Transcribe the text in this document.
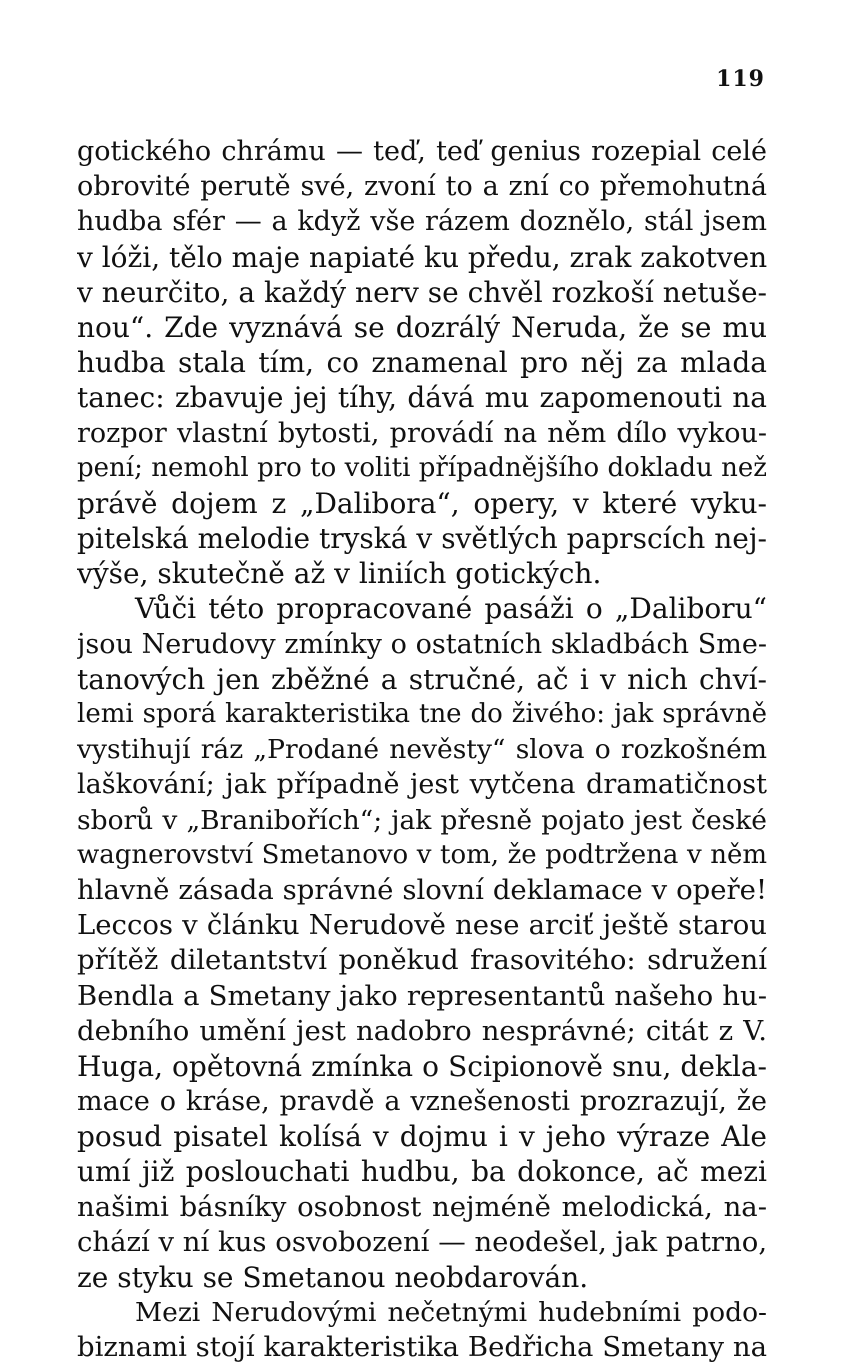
119
gotického chrámu — teď, teď genius rozepial celé
obrovité perutě své, zvoní to a zní co přemohutná
hudba sfér — a když vše rázem doznělo, stál jsem
v lóži, tělo maje napiaté ku předu, zrak zakotven
v neurčito, a každý nerv se chvěl rozkoší netuše-
nou“. Zde vyznává se dozrálý Neruda, že se mu
hudba stala tím, co znamenal pro něj za mlada
tanec: zbavuje jej tíhy, dává mu zapomenouti na
rozpor vlastní bytosti, provádí na něm dílo vykou-
pení; nemohl pro to voliti případnějšího dokladu než
právě dojem z „Dalibora“, opery, v které vyku-
pitelská melodie tryská v světlých paprscích nej-
výše, skutečně až v liniích gotických.
Vůči této propracované pasáži o „Daliboru“
jsou Nerudovy zmínky o ostatních skladbách Sme-
tanových jen zběžné a stručné, ač i v nich chví-
lemi sporá karakteristika tne do živého: jak správně
vystihují ráz „Prodané nevěsty“ slova o rozkošném
laškování; jak případně jest vytčena dramatičnost
sborů v „Branibořích“; jak přesně pojato jest české
wagnerovství Smetanovo v tom, že podtržena v něm
hlavně zásada správné slovní deklamace v opeře!
Leccos v článku Nerudově nese arciť ještě starou
přítěž diletantství poněkud frasovitého: sdružení
Bendla a Smetany jako representantů našeho hu-
debního umění jest nadobro nesprávné; citát z V.
Huga, opětovná zmínka o Scipionově snu, dekla-
mace o kráse, pravdě a vznešenosti prozrazují, že
posud pisatel kolísá v dojmu i v jeho výraze Ale
umí již poslouchati hudbu, ba dokonce, ač mezi
našimi básníky osobnost nejméně melodická, na-
chází v ní kus osvobození — neodešel, jak patrno,
ze styku se Smetanou neobdarován.
Mezi Nerudovými nečetnými hudebními podo-
biznami stojí karakteristika Bedřicha Smetany na
